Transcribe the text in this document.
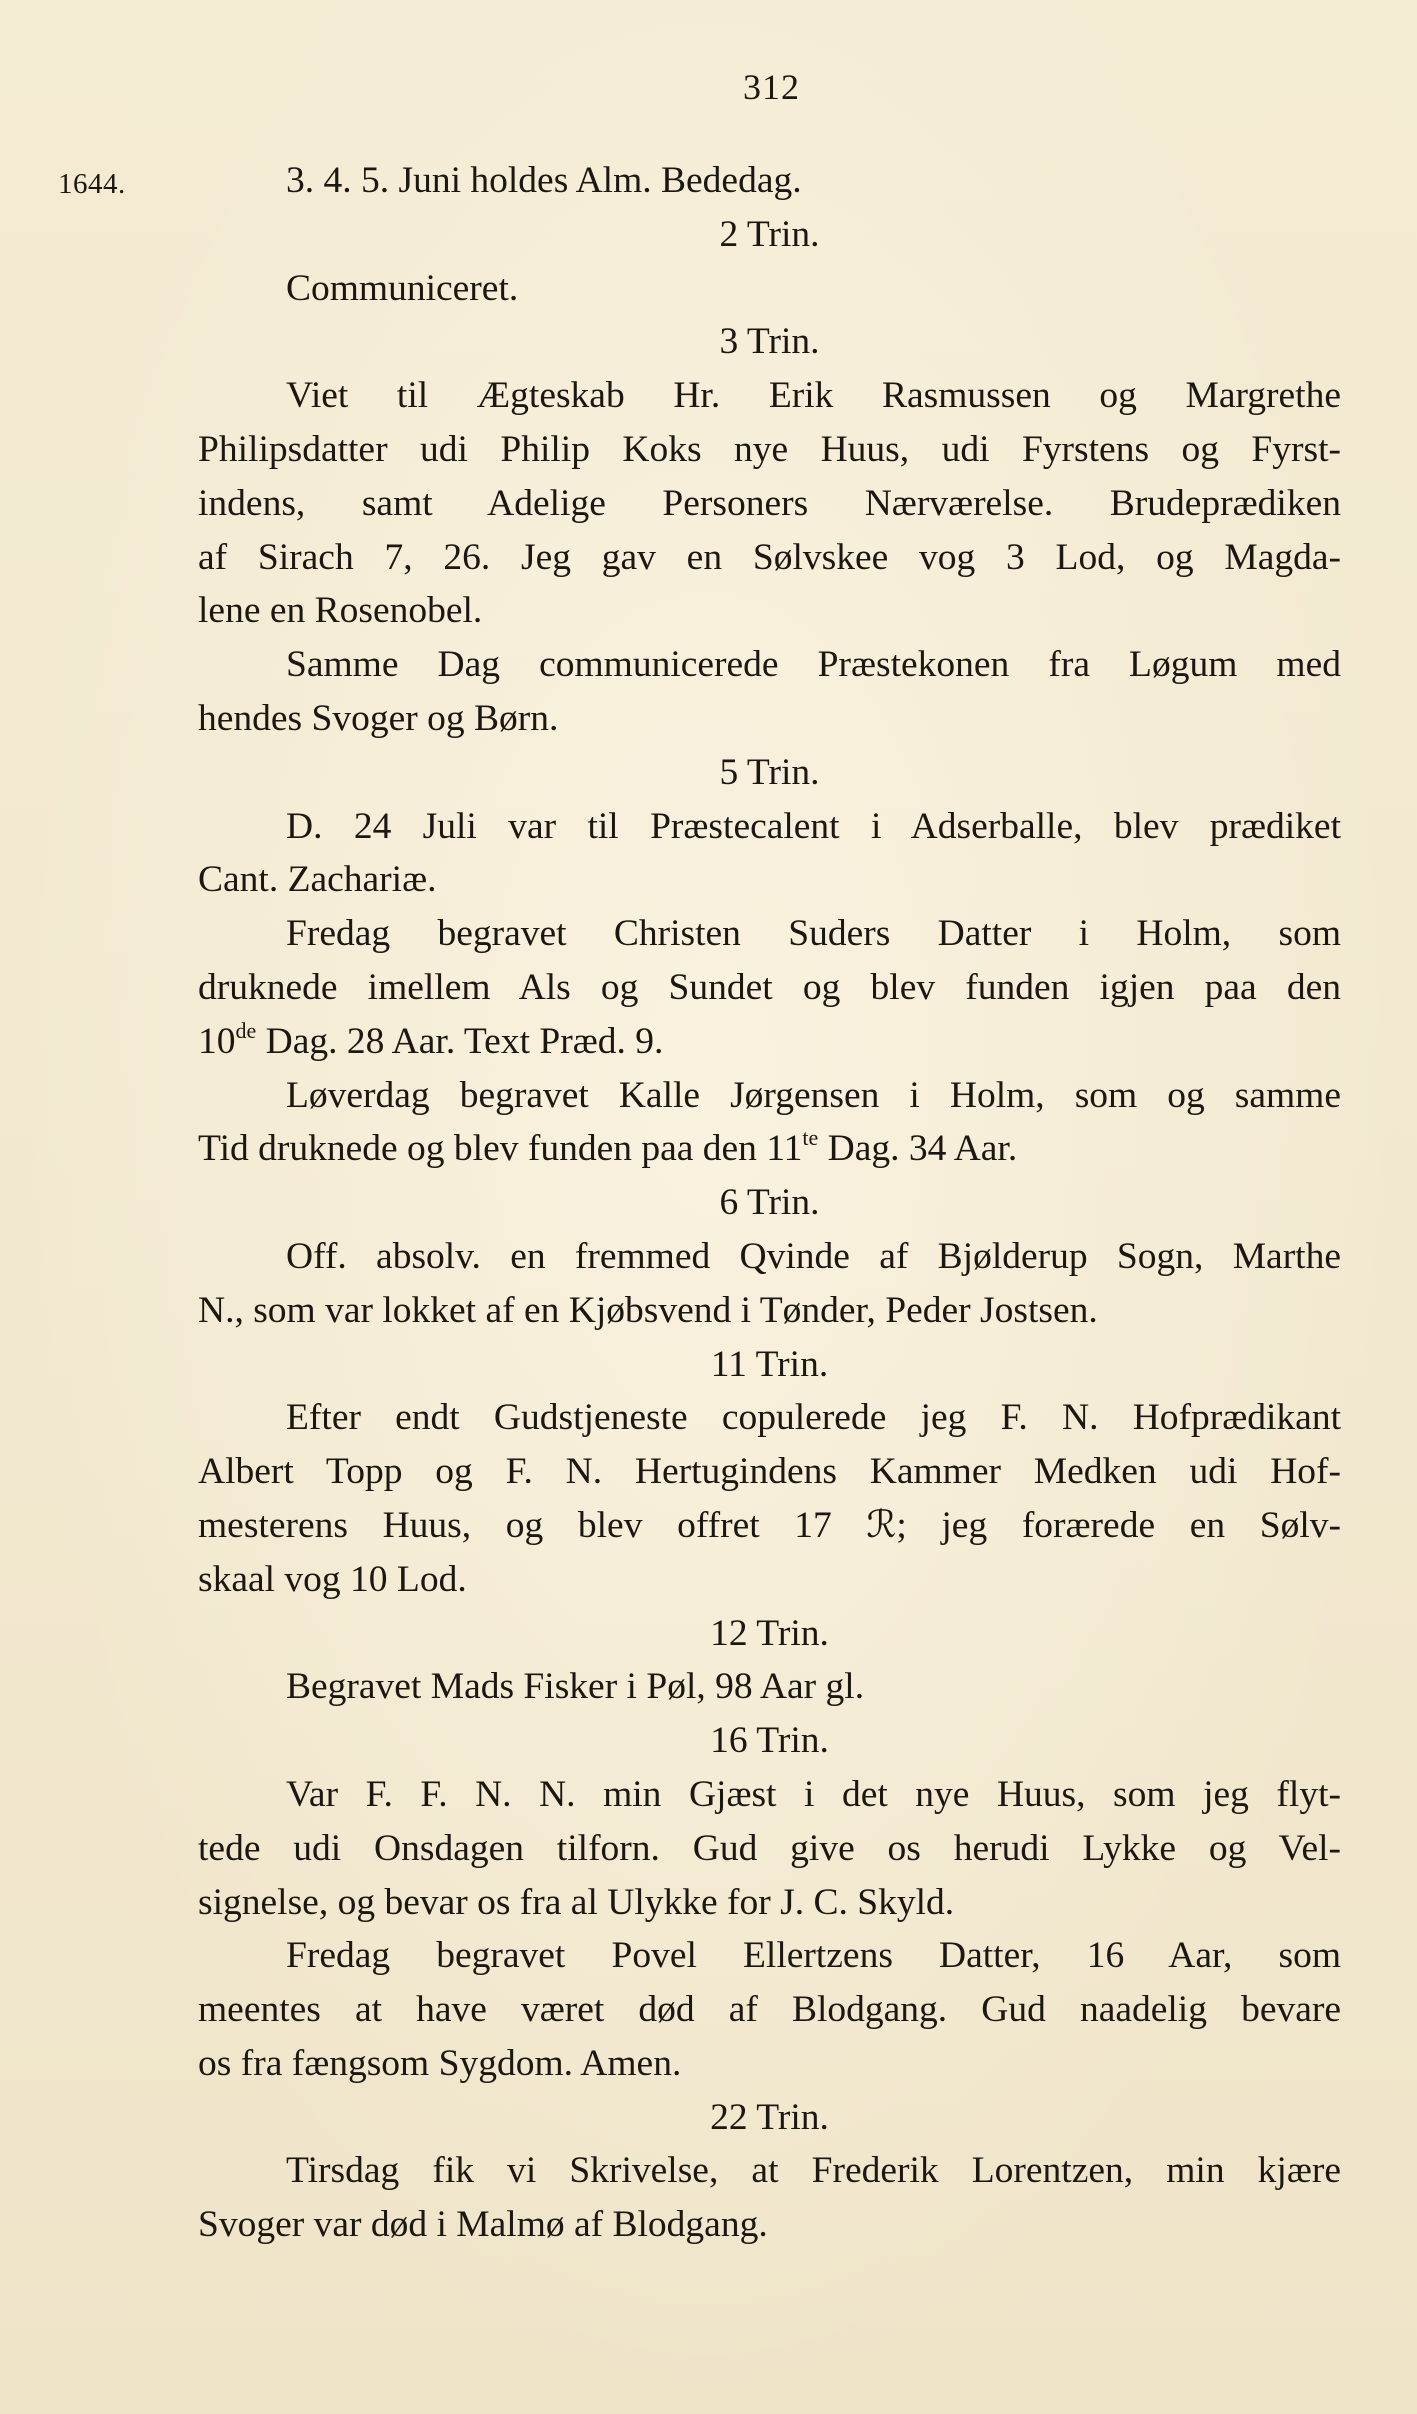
312
1644.	3. 4. 5. Juni holdes Alm. Bededag.
2 Trin.
Communiceret.
3 Trin.
Viet til Ægteskab Hr. Erik Rasmussen og Margrethe
Philipsdatter udi Philip Koks nye Huus, udi Fyrstens og Fyrst-
indens, samt Adelige Personers Nærværelse. Brudeprædiken
af Sirach 7, 26. Jeg gav en Sølvskee vog 3 Lod, og Magda-
lene en Rosenobel.
Samme Dag communicerede Præstekonen fra Løgum med
hendes Svoger og Børn.
5 Trin.
D. 24 Juli var til Præstecalent i Adserballe, blev prædiket
Cant. Zachariæ.
Fredag begravet Christen Suders Datter i Holm, som
druknede imellem Als og Sundet og blev funden igjen paa den
10de Dag. 28 Aar. Text Præd. 9.
Løverdag begravet Kalle Jørgensen i Holm, som og samme
Tid druknede og blev funden paa den $11^{te}$ Dag. 34 Aar.
6 Trin.
Off. absolv. en fremmed Qvinde af Bjølderup Sogn, Marthe
N., som var lokket af en Kjøbsvend i Tønder, Peder Jostsen.
11 Trin.
Efter endt Gudstjeneste copulerede jeg F. N. Hofprædikant
Albert Topp og F. N. Hertugindens Kammer Medken udi Hof-
mesterens Huus, og blev offret 17 ℛ; jeg forærede en Sølv-
skaal vog 10 Lod.
12 Trin.
Begravet Mads Fisker i Pøl, 98 Aar gl.
16 Trin.
Var F. F. N. N. min Gjæst i det nye Huus, som jeg flyt-
tede udi Onsdagen tilforn. Gud give os herudi Lykke og Vel-
signelse, og bevar os fra al Ulykke for J. C. Skyld.
Fredag begravet Povel Ellertzens Datter, 16 Aar, som
meentes at have været død af Blodgang. Gud naadelig bevare
os fra fængsom Sygdom. Amen.
22 Trin.
Tirsdag fik vi Skrivelse, at Frederik Lorentzen, min kjære
Svoger var død i Malmø af Blodgang.
